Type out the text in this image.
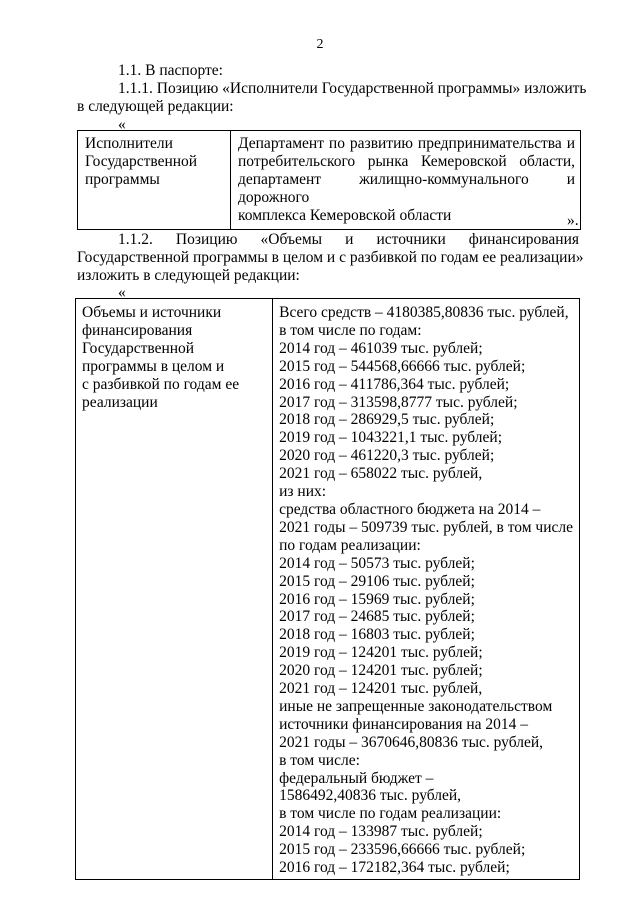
2
1.1. В паспорте:
1.1.1. Позицию «Исполнители Государственной программы» изложить
в следующей редакции:
«
Исполнители
Государственной
программы

Департамент по развитию предпринимательства и
потребительского рынка Кемеровской области,
департамент жилищно-коммунального и дорожного
комплекса Кемеровской области	».
1.1.2. Позицию «Объемы и источники финансирования
Государственной программы в целом и с разбивкой по годам ее реализации»
изложить в следующей редакции:
«
Объемы и источники
финансирования
Государственной
программы в целом и
с разбивкой по годам ее
реализации

Всего средств – 4180385,80836 тыс. рублей,
в том числе по годам:
2014 год – 461039 тыс. рублей;
2015 год – 544568,66666 тыс. рублей;
2016 год – 411786,364 тыс. рублей;
2017 год – 313598,8777 тыс. рублей;
2018 год – 286929,5 тыс. рублей;
2019 год – 1043221,1 тыс. рублей;
2020 год – 461220,3 тыс. рублей;
2021 год – 658022 тыс. рублей,
из них:
средства областного бюджета на 2014 –
2021 годы – 509739 тыс. рублей, в том числе
по годам реализации:
2014 год – 50573 тыс. рублей;
2015 год – 29106 тыс. рублей;
2016 год – 15969 тыс. рублей;
2017 год – 24685 тыс. рублей;
2018 год – 16803 тыс. рублей;
2019 год – 124201 тыс. рублей;
2020 год – 124201 тыс. рублей;
2021 год – 124201 тыс. рублей,
иные не запрещенные законодательством
источники финансирования на 2014 –
2021 годы – 3670646,80836 тыс. рублей,
в том числе:
федеральный бюджет –
1586492,40836 тыс. рублей,
в том числе по годам реализации:
2014 год – 133987 тыс. рублей;
2015 год – 233596,66666 тыс. рублей;
2016 год – 172182,364 тыс. рублей;
